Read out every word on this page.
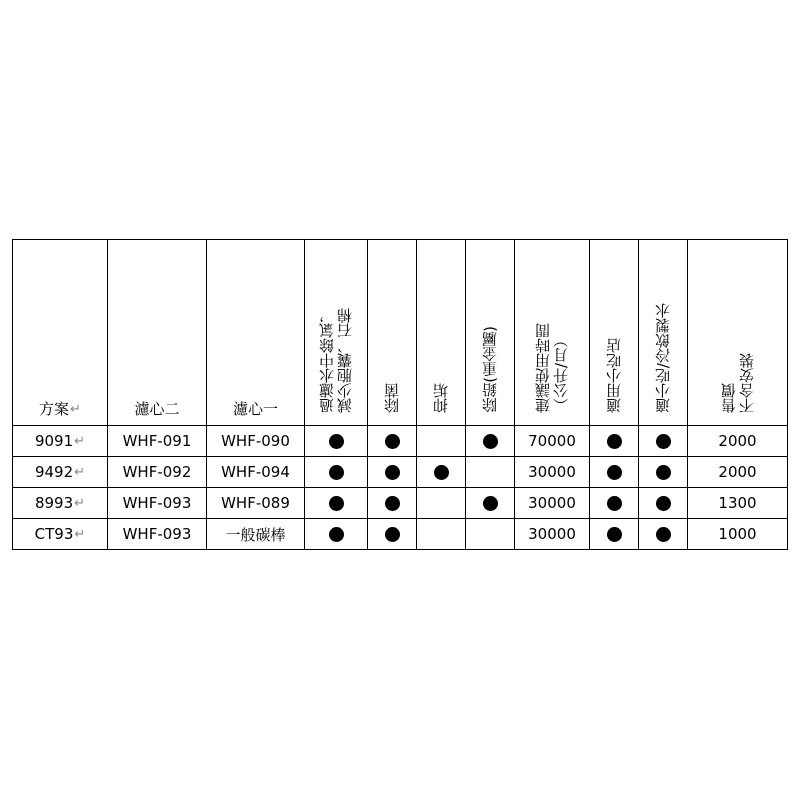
方案↵	濾心二	濾心一	過濾水中餘氯， 減少胞囊、石棉	除菌	抑垢	除鉛(重金屬)	建議使用時間 （公升/月）	適用小吃店	適小吃/冷飲製水	售價 不含安裝

9091↵	WHF-091	WHF-090					70000			2000
9492↵	WHF-092	WHF-094					30000			2000
8993↵	WHF-093	WHF-089					30000			1300
CT93↵	WHF-093	一般碳棒					30000			1000
